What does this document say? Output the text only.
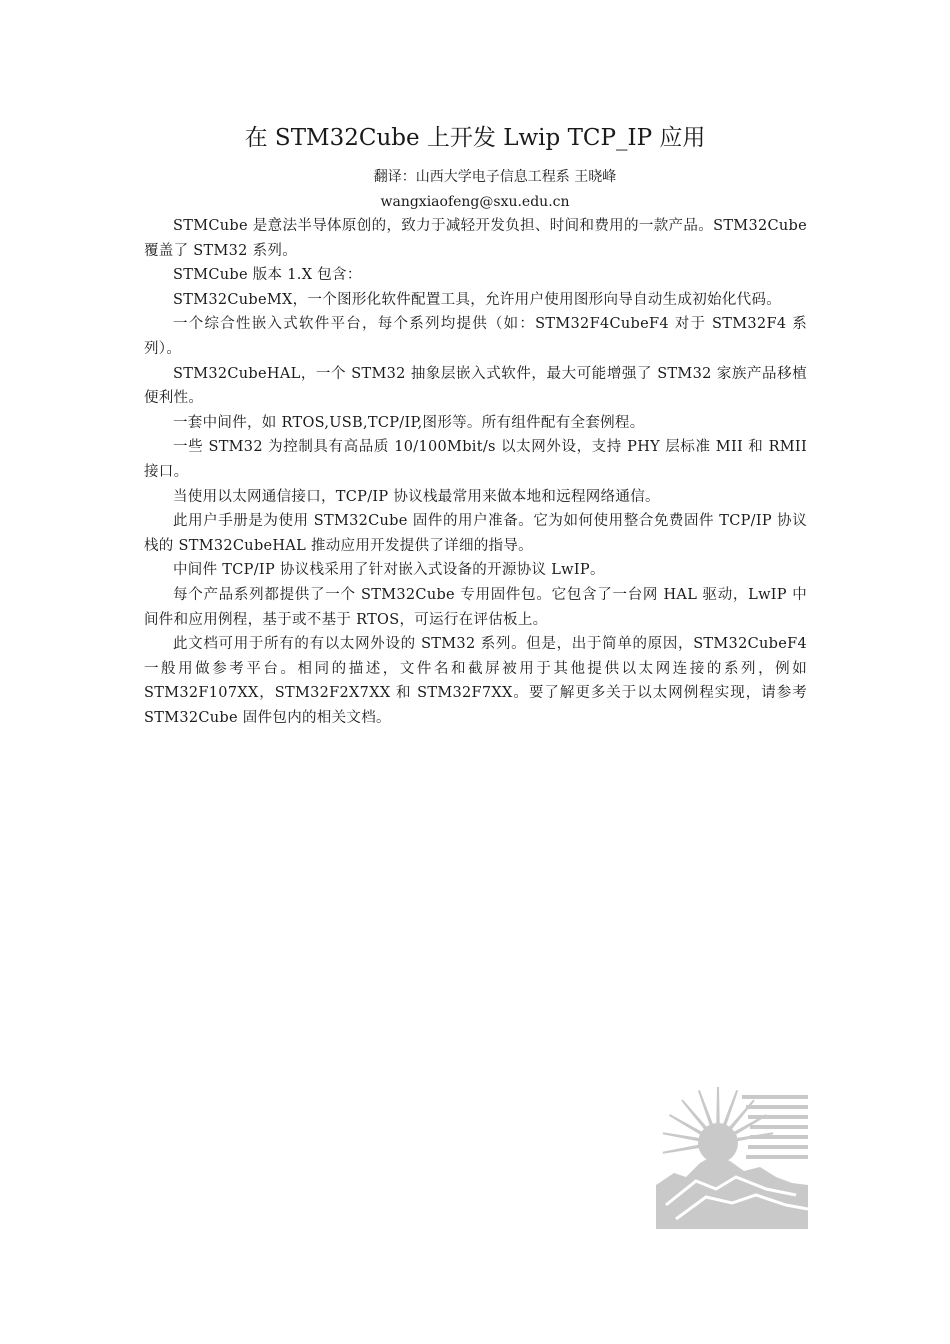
在 STM32Cube 上开发 Lwip TCP_IP 应用
翻译：山西大学电子信息工程系 王晓峰
wangxiaofeng@sxu.edu.cn

STMCube 是意法半导体原创的，致力于减轻开发负担、时间和费用的一款产品。STM32Cube 覆盖了 STM32 系列。

STMCube 版本 1.X 包含：

STM32CubeMX，一个图形化软件配置工具，允许用户使用图形向导自动生成初始化代码。

一个综合性嵌入式软件平台，每个系列均提供（如：STM32F4CubeF4 对于 STM32F4 系列）。

STM32CubeHAL，一个 STM32 抽象层嵌入式软件，最大可能增强了 STM32 家族产品移植便利性。

一套中间件，如 RTOS,USB,TCP/IP,图形等。所有组件配有全套例程。

一些 STM32 为控制具有高品质 10/100Mbit/s 以太网外设，支持 PHY 层标准 MII 和 RMII 接口。

当使用以太网通信接口，TCP/IP 协议栈最常用来做本地和远程网络通信。

此用户手册是为使用 STM32Cube 固件的用户准备。它为如何使用整合免费固件 TCP/IP 协议栈的 STM32CubeHAL 推动应用开发提供了详细的指导。

中间件 TCP/IP 协议栈采用了针对嵌入式设备的开源协议 LwIP。

每个产品系列都提供了一个 STM32Cube 专用固件包。它包含了一台网 HAL 驱动，LwIP 中间件和应用例程，基于或不基于 RTOS，可运行在评估板上。

此文档可用于所有的有以太网外设的 STM32 系列。但是，出于简单的原因，STM32CubeF4 一般用做参考平台。相同的描述，文件名和截屏被用于其他提供以太网连接的系列，例如 STM32F107XX，STM32F2X7XX 和 STM32F7XX。要了解更多关于以太网例程实现，请参考 STM32Cube 固件包内的相关文档。
